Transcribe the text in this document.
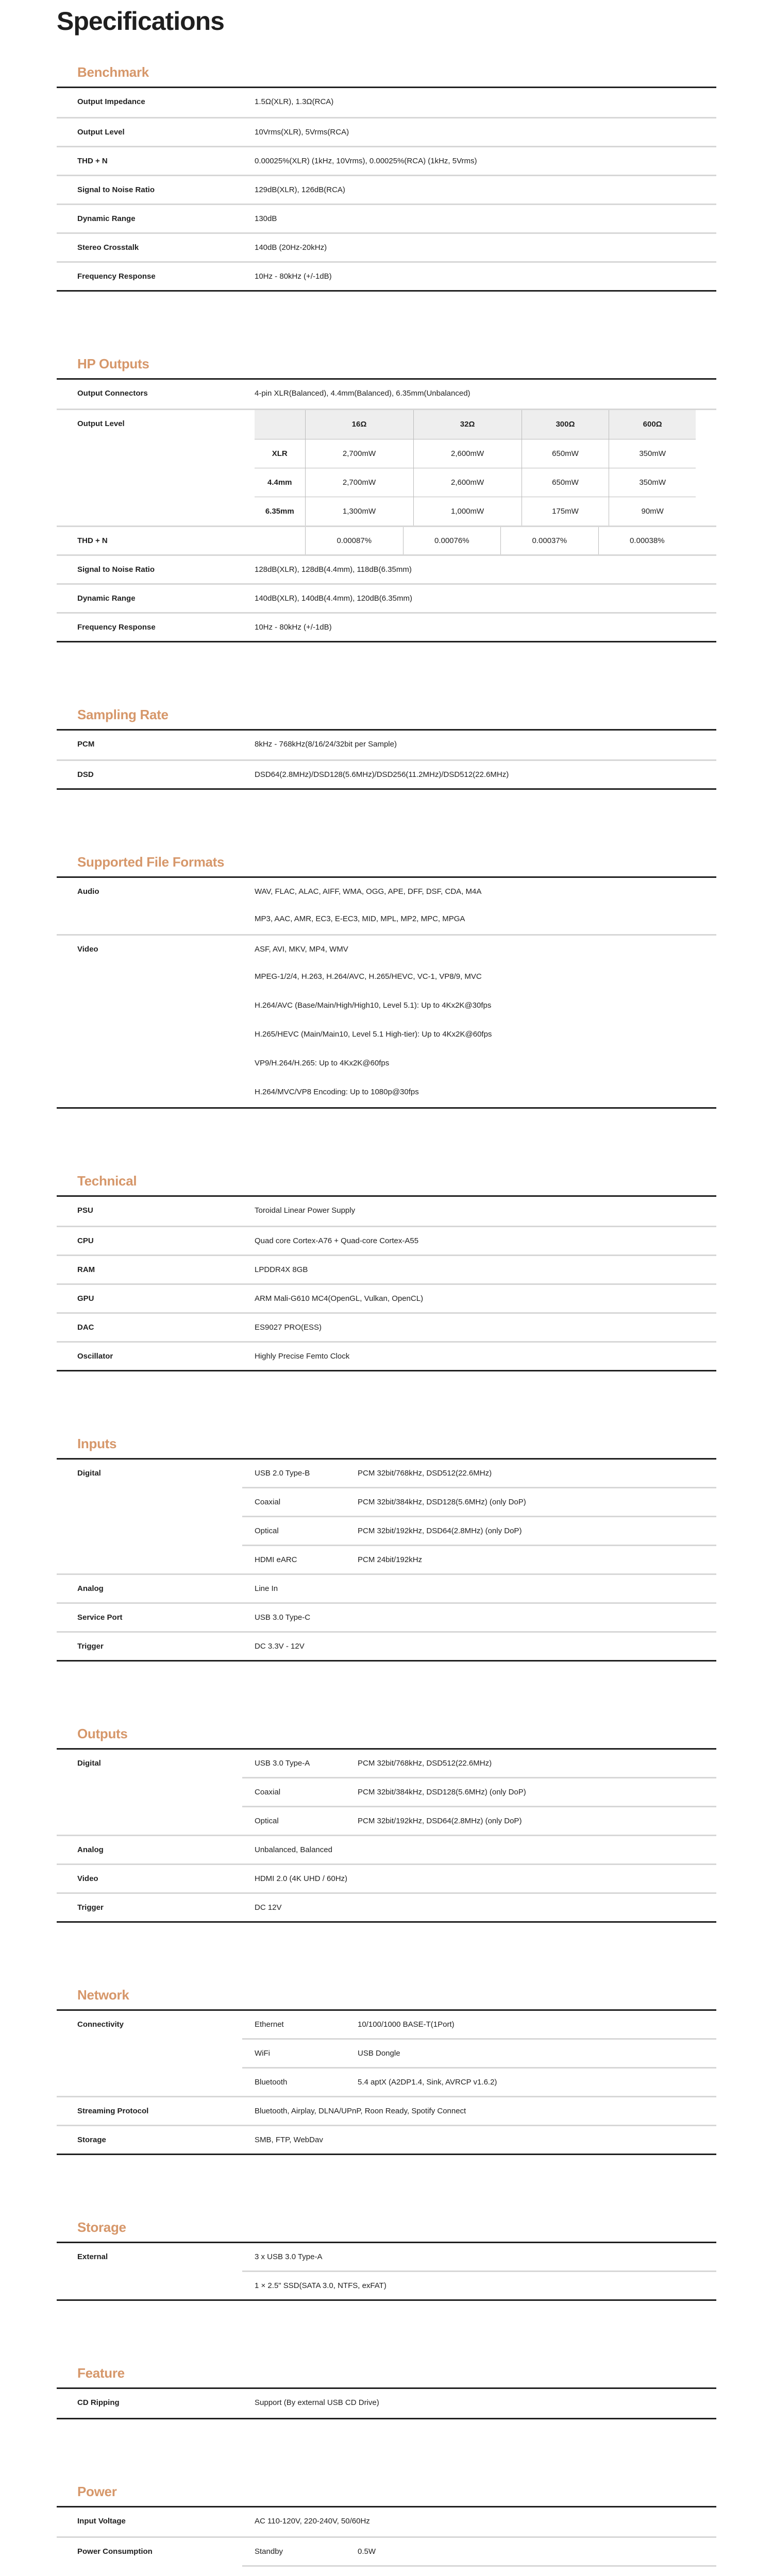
Specifications
Benchmark
Output Impedance	1.5Ω(XLR), 1.3Ω(RCA)
Output Level	10Vrms(XLR), 5Vrms(RCA)
THD + N	0.00025%(XLR) (1kHz, 10Vrms), 0.00025%(RCA) (1kHz, 5Vrms)
Signal to Noise Ratio	129dB(XLR), 126dB(RCA)
Dynamic Range	130dB
Stereo Crosstalk	140dB (20Hz-20kHz)
Frequency Response	10Hz - 80kHz (+/-1dB)
HP Outputs
Output Connectors	4-pin XLR(Balanced), 4.4mm(Balanced), 6.35mm(Unbalanced)
Output Level
		16Ω	32Ω	300Ω	600Ω
XLR	2,700mW	2,600mW	650mW	350mW
4.4mm	2,700mW	2,600mW	650mW	350mW
6.35mm	1,300mW	1,000mW	175mW	90mW
THD + N	0.00087%	0.00076%	0.00037%	0.00038%
Signal to Noise Ratio	128dB(XLR), 128dB(4.4mm), 118dB(6.35mm)
Dynamic Range	140dB(XLR), 140dB(4.4mm), 120dB(6.35mm)
Frequency Response	10Hz - 80kHz (+/-1dB)
Sampling Rate
PCM	8kHz - 768kHz(8/16/24/32bit per Sample)
DSD	DSD64(2.8MHz)/DSD128(5.6MHz)/DSD256(11.2MHz)/DSD512(22.6MHz)
Supported File Formats
Audio	WAV, FLAC, ALAC, AIFF, WMA, OGG, APE, DFF, DSF, CDA, M4A
MP3, AAC, AMR, EC3, E-EC3, MID, MPL, MP2, MPC, MPGA
Video	ASF, AVI, MKV, MP4, WMV
MPEG-1/2/4, H.263, H.264/AVC, H.265/HEVC, VC-1, VP8/9, MVC
H.264/AVC (Base/Main/High/High10, Level 5.1): Up to 4Kx2K@30fps
H.265/HEVC (Main/Main10, Level 5.1 High-tier): Up to 4Kx2K@60fps
VP9/H.264/H.265: Up to 4Kx2K@60fps
H.264/MVC/VP8 Encoding: Up to 1080p@30fps
Technical
PSU	Toroidal Linear Power Supply
CPU	Quad core Cortex-A76 + Quad-core Cortex-A55
RAM	LPDDR4X 8GB
GPU	ARM Mali-G610 MC4(OpenGL, Vulkan, OpenCL)
DAC	ES9027 PRO(ESS)
Oscillator	Highly Precise Femto Clock
Inputs
Digital	USB 2.0 Type-B	PCM 32bit/768kHz, DSD512(22.6MHz)
Coaxial	PCM 32bit/384kHz, DSD128(5.6MHz) (only DoP)
Optical	PCM 32bit/192kHz, DSD64(2.8MHz) (only DoP)
HDMI eARC	PCM 24bit/192kHz
Analog	Line In
Service Port	USB 3.0 Type-C
Trigger	DC 3.3V - 12V
Outputs
Digital	USB 3.0 Type-A	PCM 32bit/768kHz, DSD512(22.6MHz)
Coaxial	PCM 32bit/384kHz, DSD128(5.6MHz) (only DoP)
Optical	PCM 32bit/192kHz, DSD64(2.8MHz) (only DoP)
Analog	Unbalanced, Balanced
Video	HDMI 2.0 (4K UHD / 60Hz)
Trigger	DC 12V
Network
Connectivity	Ethernet	10/100/1000 BASE-T(1Port)
WiFi	USB Dongle
Bluetooth	5.4 aptX (A2DP1.4, Sink, AVRCP v1.6.2)
Streaming Protocol	Bluetooth, Airplay, DLNA/UPnP, Roon Ready, Spotify Connect
Storage	SMB, FTP, WebDav
Storage
External	3 x USB 3.0 Type-A
1 × 2.5" SSD(SATA 3.0, NTFS, exFAT)
Feature
CD Ripping	Support (By external USB CD Drive)
Power
Input Voltage	AC 110-120V, 220-240V, 50/60Hz
Power Consumption	Standby	0.5W
